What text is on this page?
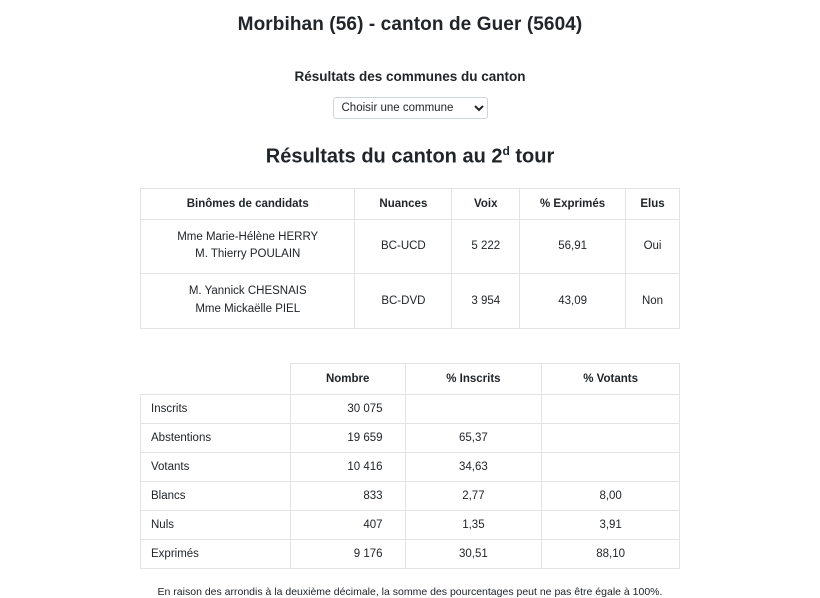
Morbihan (56) - canton de Guer (5604)
Résultats des communes du canton
Choisir une commune
Résultats du canton au 2$^d$ tour
Binômes de candidats	Nuances	Voix	% Exprimés	Elus

Mme Marie-Hélène HERRY
M. Thierry POULAIN	BC-UCD	5 222	56,91	Oui

M. Yannick CHESNAIS
Mme Mickaëlle PIEL	BC-DVD	3 954	43,09	Non
	Nombre	% Inscrits	% Votants
Inscrits	30 075		
Abstentions	19 659	65,37	
Votants	10 416	34,63	
Blancs	833	2,77	8,00
Nuls	407	1,35	3,91
Exprimés	9 176	30,51	88,10
En raison des arrondis à la deuxième décimale, la somme des pourcentages peut ne pas être égale à 100%.
